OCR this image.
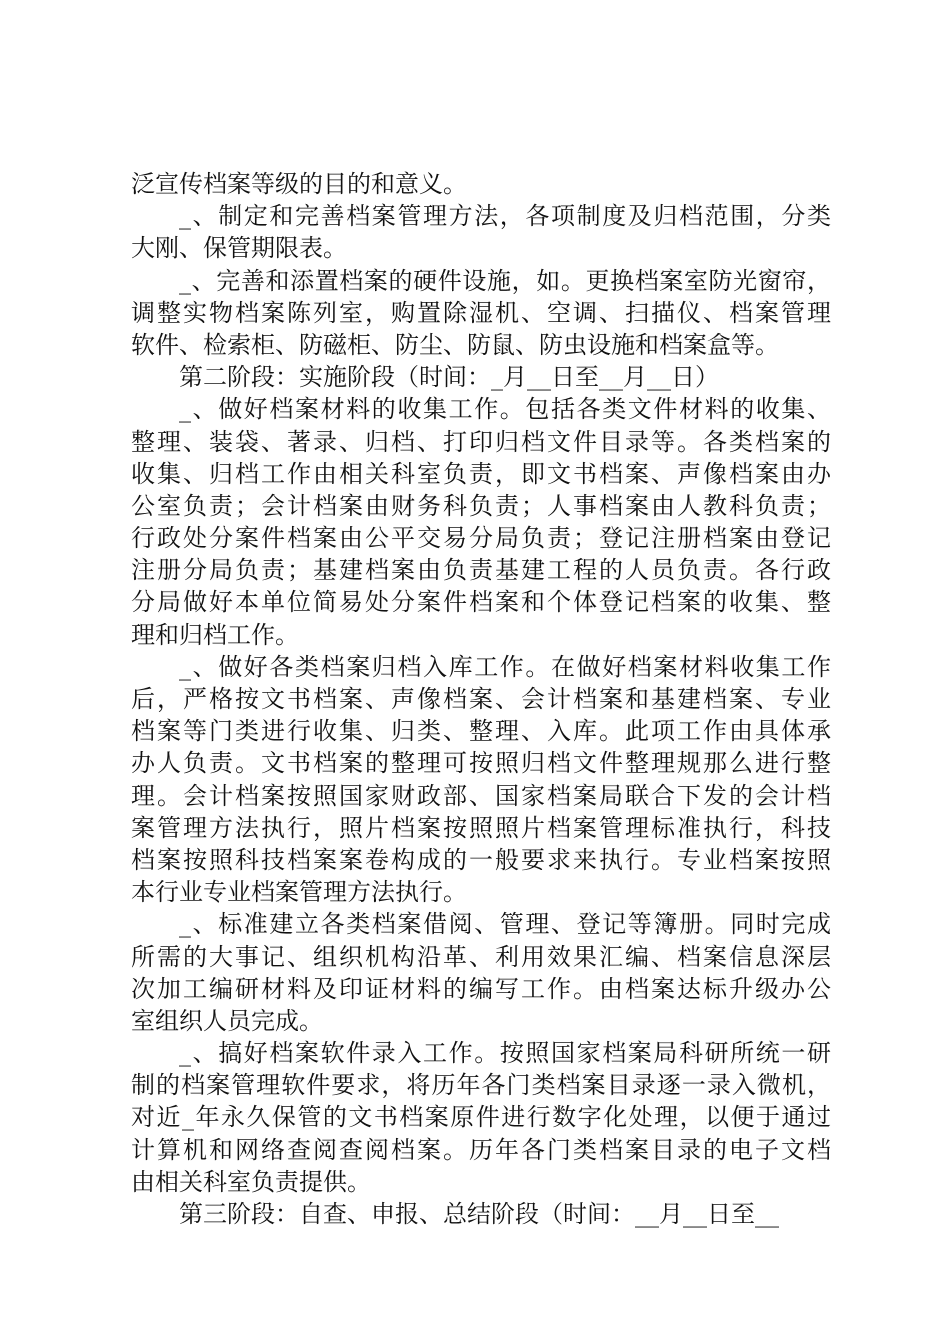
泛宣传档案等级的目的和意义。
_、制定和完善档案管理方法，各项制度及归档范围，分类
大刚、保管期限表。
_、完善和添置档案的硬件设施，如。更换档案室防光窗帘，
调整实物档案陈列室，购置除湿机、空调、扫描仪、档案管理
软件、检索柜、防磁柜、防尘、防鼠、防虫设施和档案盒等。
第二阶段：实施阶段（时间：_月__日至__月__日）
_、做好档案材料的收集工作。包括各类文件材料的收集、
整理、装袋、著录、归档、打印归档文件目录等。各类档案的
收集、归档工作由相关科室负责，即文书档案、声像档案由办
公室负责；会计档案由财务科负责；人事档案由人教科负责；
行政处分案件档案由公平交易分局负责；登记注册档案由登记
注册分局负责；基建档案由负责基建工程的人员负责。各行政
分局做好本单位简易处分案件档案和个体登记档案的收集、整
理和归档工作。
_、做好各类档案归档入库工作。在做好档案材料收集工作
后，严格按文书档案、声像档案、会计档案和基建档案、专业
档案等门类进行收集、归类、整理、入库。此项工作由具体承
办人负责。文书档案的整理可按照归档文件整理规那么进行整
理。会计档案按照国家财政部、国家档案局联合下发的会计档
案管理方法执行，照片档案按照照片档案管理标准执行，科技
档案按照科技档案案卷构成的一般要求来执行。专业档案按照
本行业专业档案管理方法执行。
_、标准建立各类档案借阅、管理、登记等簿册。同时完成
所需的大事记、组织机构沿革、利用效果汇编、档案信息深层
次加工编研材料及印证材料的编写工作。由档案达标升级办公
室组织人员完成。
_、搞好档案软件录入工作。按照国家档案局科研所统一研
制的档案管理软件要求，将历年各门类档案目录逐一录入微机，
对近_年永久保管的文书档案原件进行数字化处理，以便于通过
计算机和网络查阅查阅档案。历年各门类档案目录的电子文档
由相关科室负责提供。
第三阶段：自查、申报、总结阶段（时间：__月__日至__
